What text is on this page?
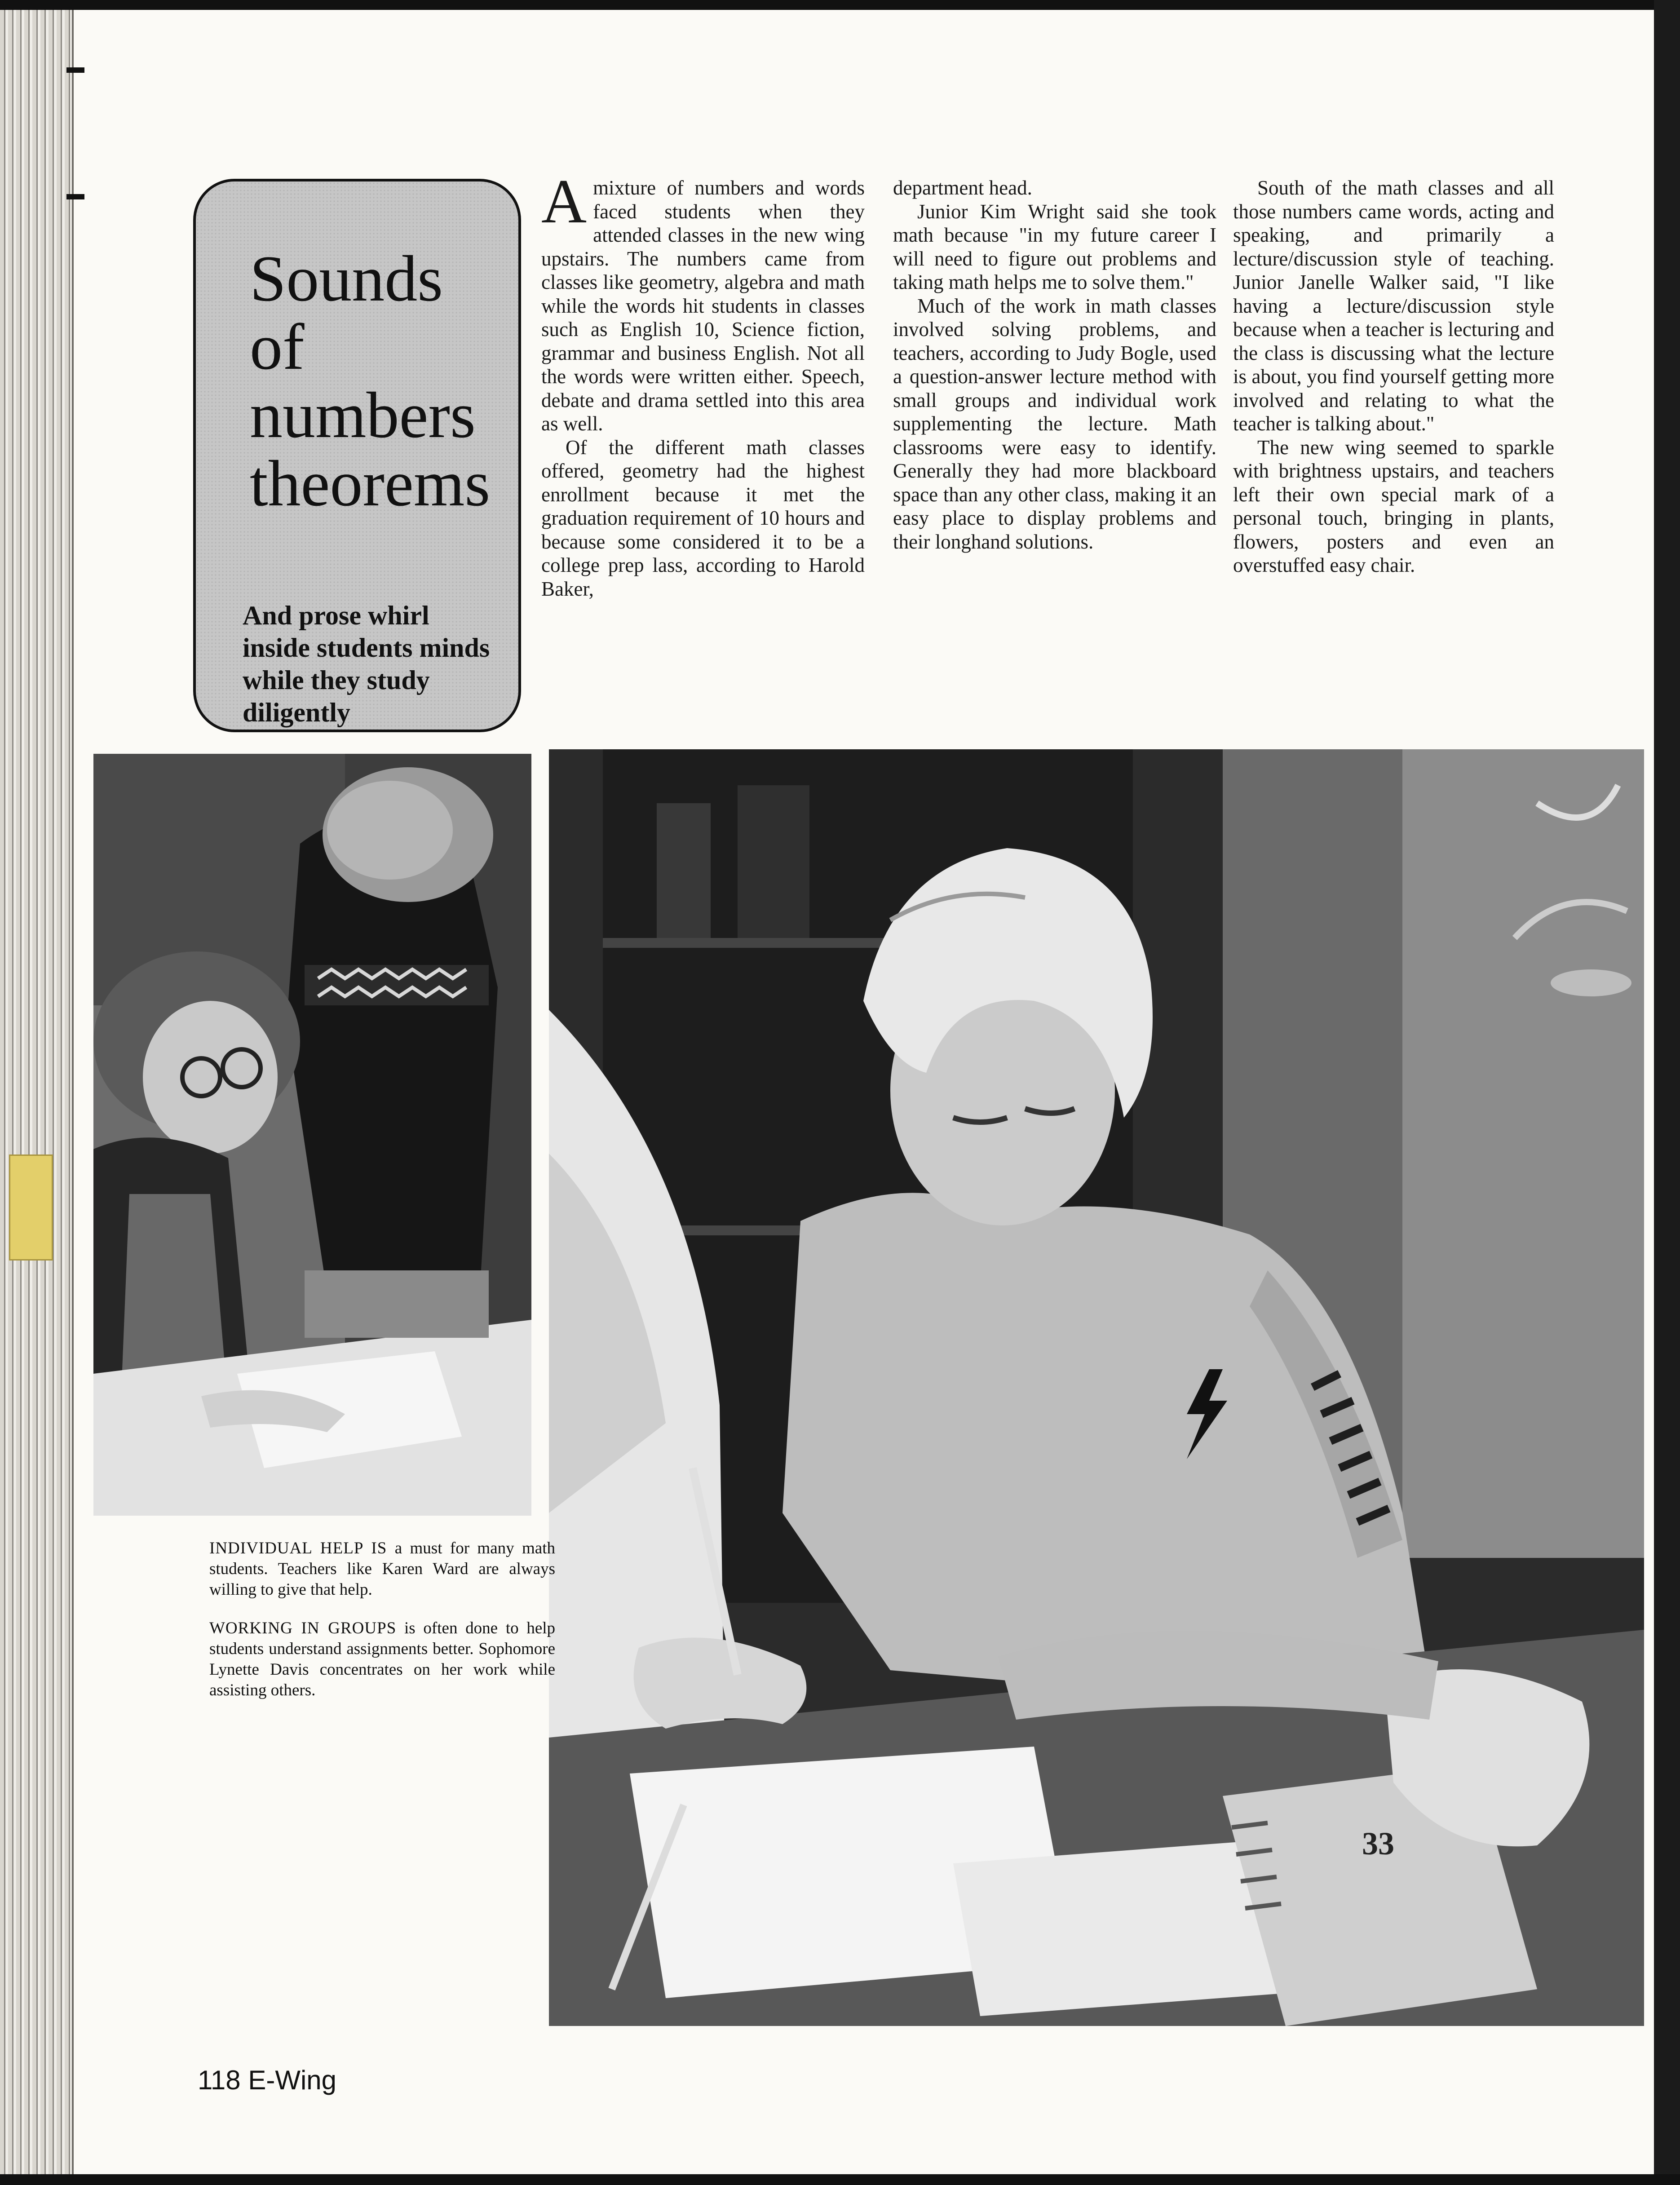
Sounds of numbers theorems

And prose whirl inside students minds while they study diligently

Amixture of numbers and words faced students when they attended classes in the new wing upstairs. The numbers came from classes like geometry, algebra and math while the words hit students in classes such as English 10, Science fiction, grammar and business English. Not all the words were written either. Speech, debate and drama settled into this area as well.

Of the different math classes offered, geometry had the highest enrollment because it met the graduation requirement of 10 hours and because some considered it to be a college prep lass, according to Harold Baker,

department head.

Junior Kim Wright said she took math because "in my future career I will need to figure out problems and taking math helps me to solve them."

Much of the work in math classes involved solving problems, and teachers, according to Judy Bogle, used a question-answer lecture method with small groups and individual work supplementing the lecture. Math classrooms were easy to identify. Generally they had more blackboard space than any other class, making it an easy place to display problems and their longhand solutions.

South of the math classes and all those numbers came words, acting and speaking, and primarily a lecture/discussion style of teaching. Junior Janelle Walker said, "I like having a lecture/discussion style because when a teacher is lecturing and the class is discussing what the lecture is about, you find yourself getting more involved and relating to what the teacher is talking about."

The new wing seemed to sparkle with brightness upstairs, and teachers left their own special mark of a personal touch, bringing in plants, flowers, posters and even an overstuffed easy chair.

33

INDIVIDUAL HELP IS a must for many math students. Teachers like Karen Ward are always willing to give that help.

WORKING IN GROUPS is often done to help students understand assignments better. Sophomore Lynette Davis concentrates on her work while assisting others.

118 E-Wing
